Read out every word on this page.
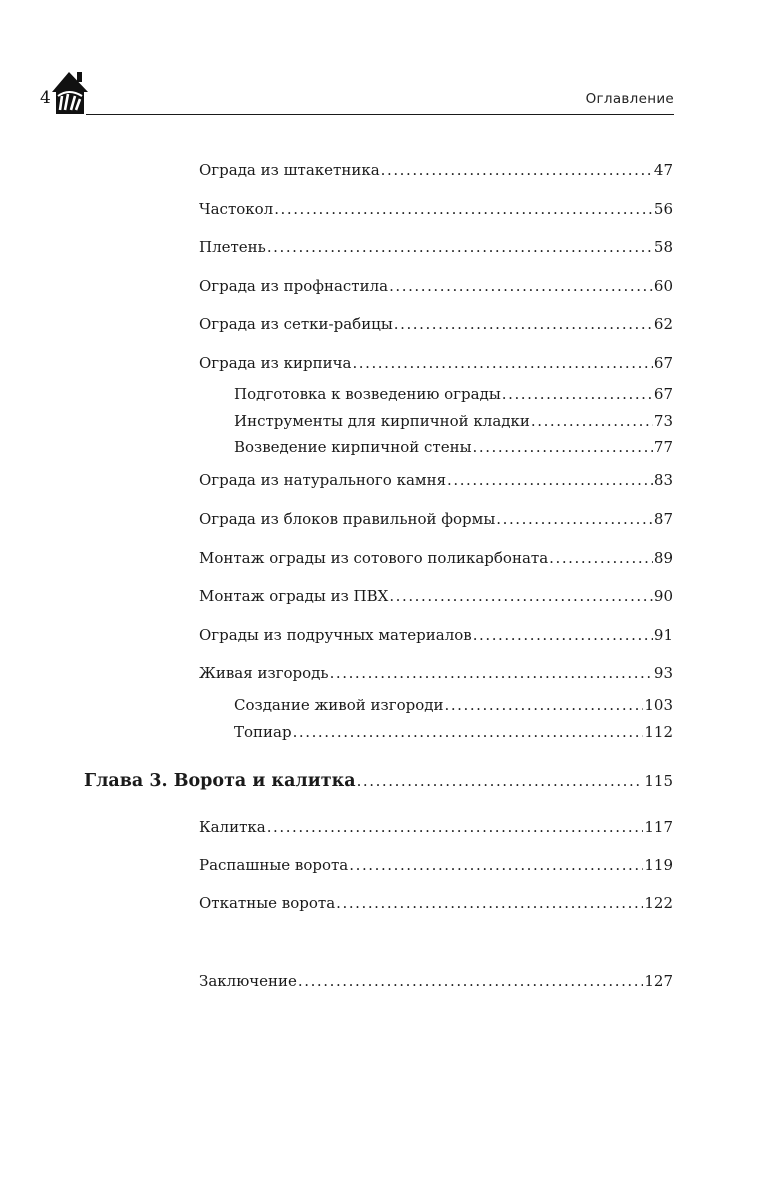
4	Оглавление
Ограда из штакетника . . .	47
Частокол . . .	56
Плетень . . .	58
Ограда из профнастила . . .	60
Ограда из сетки-рабицы . . .	62
Ограда из кирпича . . .	67
Подготовка к возведению ограды . . .	67
Инструменты для кирпичной кладки . . .	73
Возведение кирпичной стены . . .	77
Ограда из натурального камня . . .	83
Ограда из блоков правильной формы . . .	87
Монтаж ограды из сотового поликарбоната . . .	89
Монтаж ограды из ПВХ . . .	90
Ограды из подручных материалов . . .	91
Живая изгородь . . .	93
Создание живой изгороди . . .	103
Топиар . . .	112
Глава 3. Ворота и калитка . . .	115
Калитка . . .	117
Распашные ворота . . .	119
Откатные ворота . . .	122
Заключение . . .	127
